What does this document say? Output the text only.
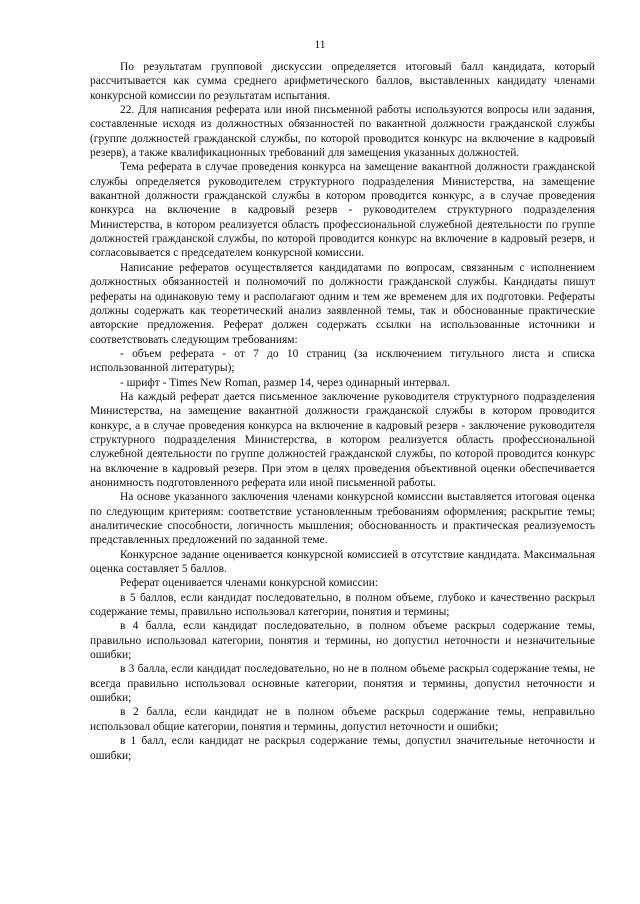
11

По результатам групповой дискуссии определяется итоговый балл кандидата, который рассчитывается как сумма среднего арифметического баллов, выставленных кандидату членами конкурсной комиссии по результатам испытания.

22. Для написания реферата или иной письменной работы используются вопросы или задания, составленные исходя из должностных обязанностей по вакантной должности гражданской службы (группе должностей гражданской службы, по которой проводится конкурс на включение в кадровый резерв), а также квалификационных требований для замещения указанных должностей.

Тема реферата в случае проведения конкурса на замещение вакантной должности гражданской службы определяется руководителем структурного подразделения Министерства, на замещение вакантной должности гражданской службы в котором проводится конкурс, а в случае проведения конкурса на включение в кадровый резерв - руководителем структурного подразделения Министерства, в котором реализуется область профессиональной служебной деятельности по группе должностей гражданской службы, по которой проводится конкурс на включение в кадровый резерв, и согласовывается с председателем конкурсной комиссии.

Написание рефератов осуществляется кандидатами по вопросам, связанным с исполнением должностных обязанностей и полномочий по должности гражданской службы. Кандидаты пишут рефераты на одинаковую тему и располагают одним и тем же временем для их подготовки. Рефераты должны содержать как теоретический анализ заявленной темы, так и обоснованные практические авторские предложения. Реферат должен содержать ссылки на использованные источники и соответствовать следующим требованиям:

- объем реферата - от 7 до 10 страниц (за исключением титульного листа и списка использованной литературы);

- шрифт - Times New Roman, размер 14, через одинарный интервал.

На каждый реферат дается письменное заключение руководителя структурного подразделения Министерства, на замещение вакантной должности гражданской службы в котором проводится конкурс, а в случае проведения конкурса на включение в кадровый резерв - заключение руководителя структурного подразделения Министерства, в котором реализуется область профессиональной служебной деятельности по группе должностей гражданской службы, по которой проводится конкурс на включение в кадровый резерв. При этом в целях проведения объективной оценки обеспечивается анонимность подготовленного реферата или иной письменной работы.

На основе указанного заключения членами конкурсной комиссии выставляется итоговая оценка по следующим критериям: соответствие установленным требованиям оформления; раскрытие темы; аналитические способности, логичность мышления; обоснованность и практическая реализуемость представленных предложений по заданной теме.

Конкурсное задание оценивается конкурсной комиссией в отсутствие кандидата. Максимальная оценка составляет 5 баллов.

Реферат оценивается членами конкурсной комиссии:

в 5 баллов, если кандидат последовательно, в полном объеме, глубоко и качественно раскрыл содержание темы, правильно использовал категории, понятия и термины;

в 4 балла, если кандидат последовательно, в полном объеме раскрыл содержание темы, правильно использовал категории, понятия и термины, но допустил неточности и незначительные ошибки;

в 3 балла, если кандидат последовательно, но не в полном объеме раскрыл содержание темы, не всегда правильно использовал основные категории, понятия и термины, допустил неточности и ошибки;

в 2 балла, если кандидат не в полном объеме раскрыл содержание темы, неправильно использовал общие категории, понятия и термины, допустил неточности и ошибки;

в 1 балл, если кандидат не раскрыл содержание темы, допустил значительные неточности и ошибки;
